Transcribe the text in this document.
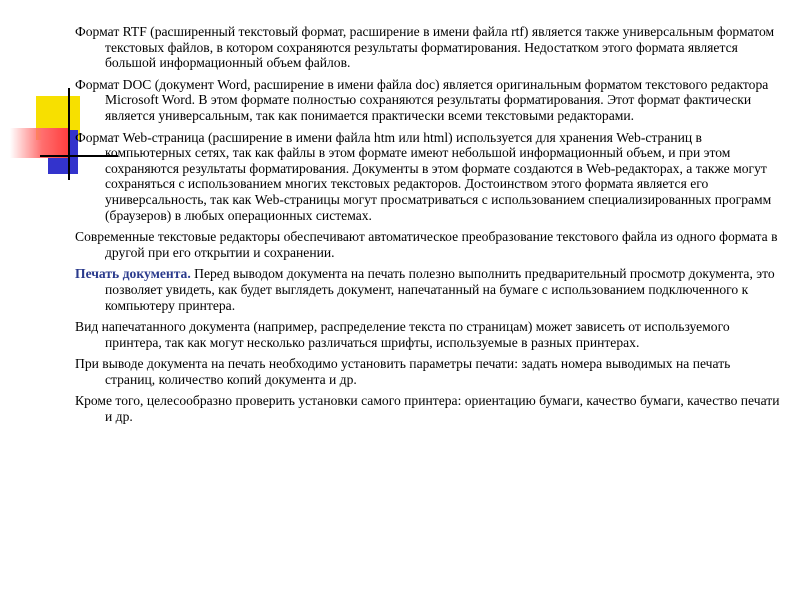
Формат RTF (расширенный текстовый формат, расширение в имени файла rtf) является также универсальным форматом текстовых файлов, в котором сохраняются результаты форматирования. Недостатком этого формата является большой информационный объем файлов.

Формат DOC (документ Word, расширение в имени файла doc) является оригинальным форматом текстового редактора Microsoft Word. В этом формате полностью сохраняются результаты форматирования. Этот формат фактически является универсальным, так как понимается практически всеми текстовыми редакторами.

Формат Web-страница (расширение в имени файла htm или html) используется для хранения Web-страниц в компьютерных сетях, так как файлы в этом формате имеют небольшой информационный объем, и при этом сохраняются результаты форматирования. Документы в этом формате создаются в Web-редакторах, а также могут сохраняться с использованием многих текстовых редакторов. Достоинством этого формата является его универсальность, так как Web-страницы могут просматриваться с использованием специализированных программ (браузеров) в любых операционных системах.

Современные текстовые редакторы обеспечивают автоматическое преобразование текстового файла из одного формата в другой при его открытии и сохранении.

Печать документа. Перед выводом документа на печать полезно выполнить предварительный просмотр документа, это позволяет увидеть, как будет выглядеть документ, напечатанный на бумаге с использованием подключенного к компьютеру принтера.

Вид напечатанного документа (например, распределение текста по страницам) может зависеть от используемого принтера, так как могут несколько различаться шрифты, используемые в разных принтерах.

При выводе документа на печать необходимо установить параметры печати: задать номера выводимых на печать страниц, количество копий документа и др.

Кроме того, целесообразно проверить установки самого принтера: ориентацию бумаги, качество бумаги, качество печати и др.
